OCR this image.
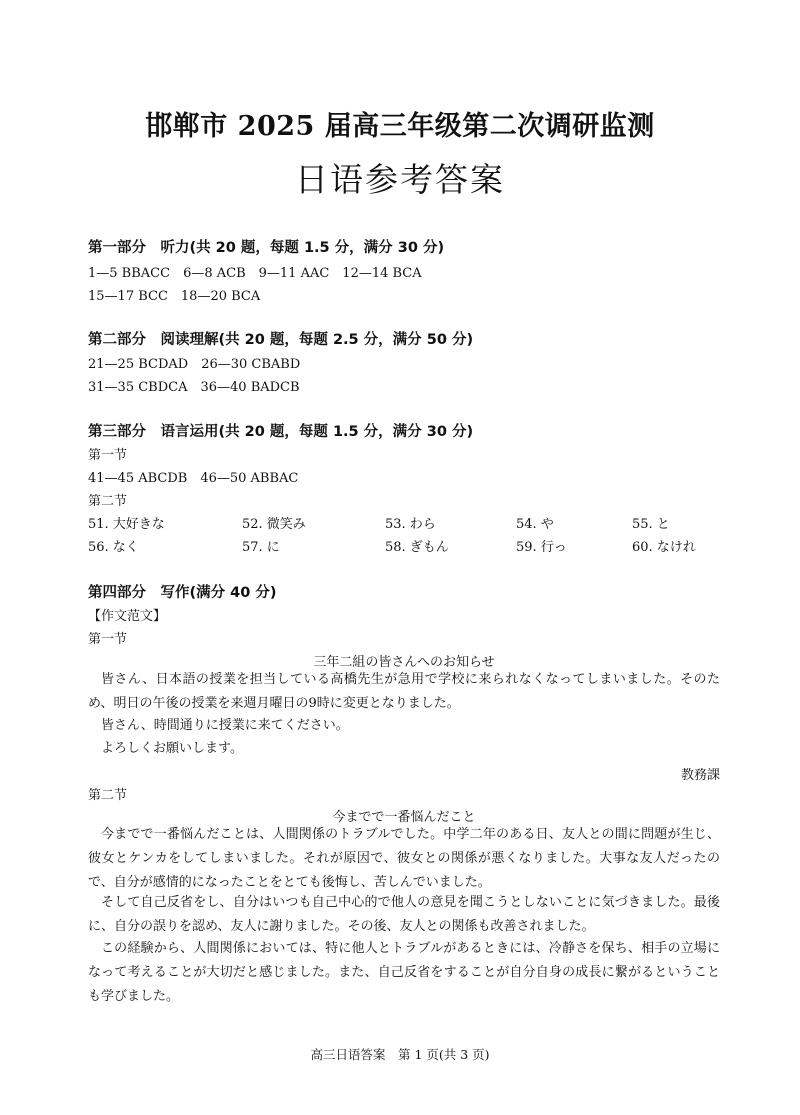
邯郸市 2025 届高三年级第二次调研监测
日语参考答案
第一部分　听力(共 20 题，每题 1.5 分，满分 30 分)
1—5 BBACC　6—8 ACB　9—11 AAC　12—14 BCA
15—17 BCC　18—20 BCA
第二部分　阅读理解(共 20 题，每题 2.5 分，满分 50 分)
21—25 BCDAD　26—30 CBABD
31—35 CBDCA　36—40 BADCB
第三部分　语言运用(共 20 题，每题 1.5 分，满分 30 分)
第一节
41—45 ABCDB　46—50 ABBAC
第二节
51. 大好きな	52. 微笑み	53. わら	54. や	55. と
56. なく	57. に	58. ぎもん	59. 行っ	60. なけれ
第四部分　写作(满分 40 分)
【作文范文】
第一节
三年二組の皆さんへのお知らせ
皆さん、日本語の授業を担当している高橋先生が急用で学校に来られなくなってしまいました。そのため、明日の午後の授業を来週月曜日の9時に変更となりました。
皆さん、時間通りに授業に来てください。
よろしくお願いします。
教務課
第二节
今までで一番悩んだこと
今までで一番悩んだことは、人間関係のトラブルでした。中学二年のある日、友人との間に問題が生じ、彼女とケンカをしてしまいました。それが原因で、彼女との関係が悪くなりました。大事な友人だったので、自分が感情的になったことをとても後悔し、苦しんでいました。
そして自己反省をし、自分はいつも自己中心的で他人の意見を聞こうとしないことに気づきました。最後に、自分の誤りを認め、友人に謝りました。その後、友人との関係も改善されました。
この経験から、人間関係においては、特に他人とトラブルがあるときには、冷静さを保ち、相手の立場になって考えることが大切だと感じました。また、自己反省をすることが自分自身の成長に繋がるということも学びました。
高三日语答案　第 1 页(共 3 页)
